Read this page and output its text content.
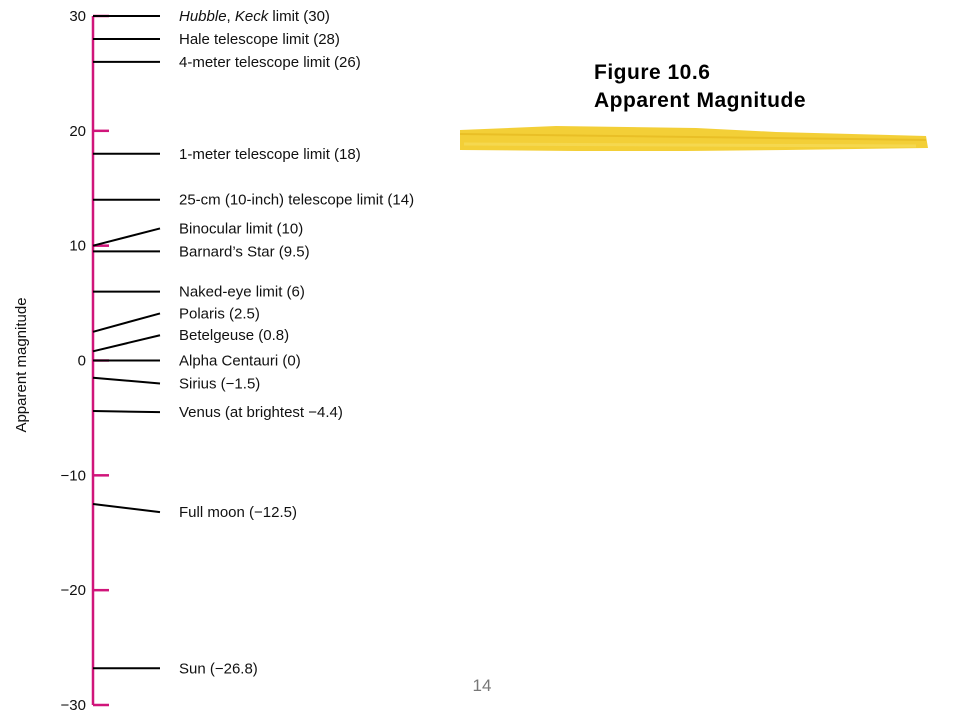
Apparent magnitude
30
20
10
0
−10
−20
−30
Hubble, Keck limit (30)
Hale telescope limit (28)
4-meter telescope limit (26)
1-meter telescope limit (18)
25-cm (10-inch) telescope limit (14)
Binocular limit (10)
Barnard’s Star (9.5)
Naked-eye limit (6)
Polaris (2.5)
Betelgeuse (0.8)
Alpha Centauri (0)
Sirius (−1.5)
Venus (at brightest −4.4)
Full moon (−12.5)
Sun (−26.8)
Figure 10.6
Apparent Magnitude
14
